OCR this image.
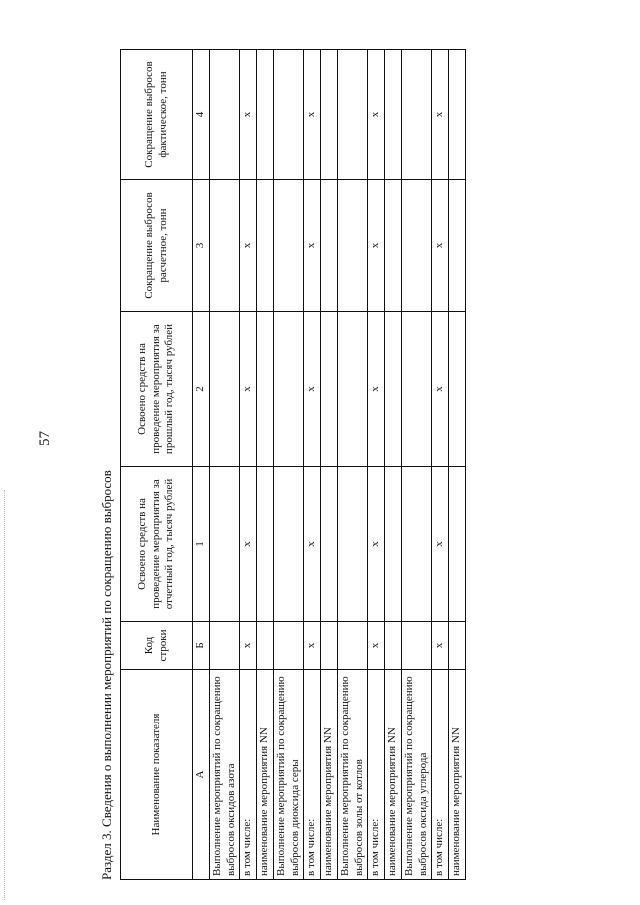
57
Раздел 3. Сведения о выполнении мероприятий по сокращению выбросов	Наименование показателя	Код строки	Освоено средств на проведение мероприятия за отчетный год, тысяч рублей	Освоено средств на проведение мероприятия за прошлый год, тысяч рублей	Сокращение выбросов расчетное, тонн	Сокращение выбросов фактическое, тонн
А	Б	1	2	3	4
Выполнение мероприятий по сокращению выбросов оксидов азота					
в том числе:	x	x	x	x	x
наименование мероприятия NN					
Выполнение мероприятий по сокращению выбросов диоксида серы					
в том числе:	x	x	x	x	x
наименование мероприятия NN					
Выполнение мероприятий по сокращению выбросов золы от котлов					
в том числе:	x	x	x	x	x
наименование мероприятия NN					
Выполнение мероприятий по сокращению выбросов оксида углерода					
в том числе:	x	x	x	x	x
наименование мероприятия NN					
